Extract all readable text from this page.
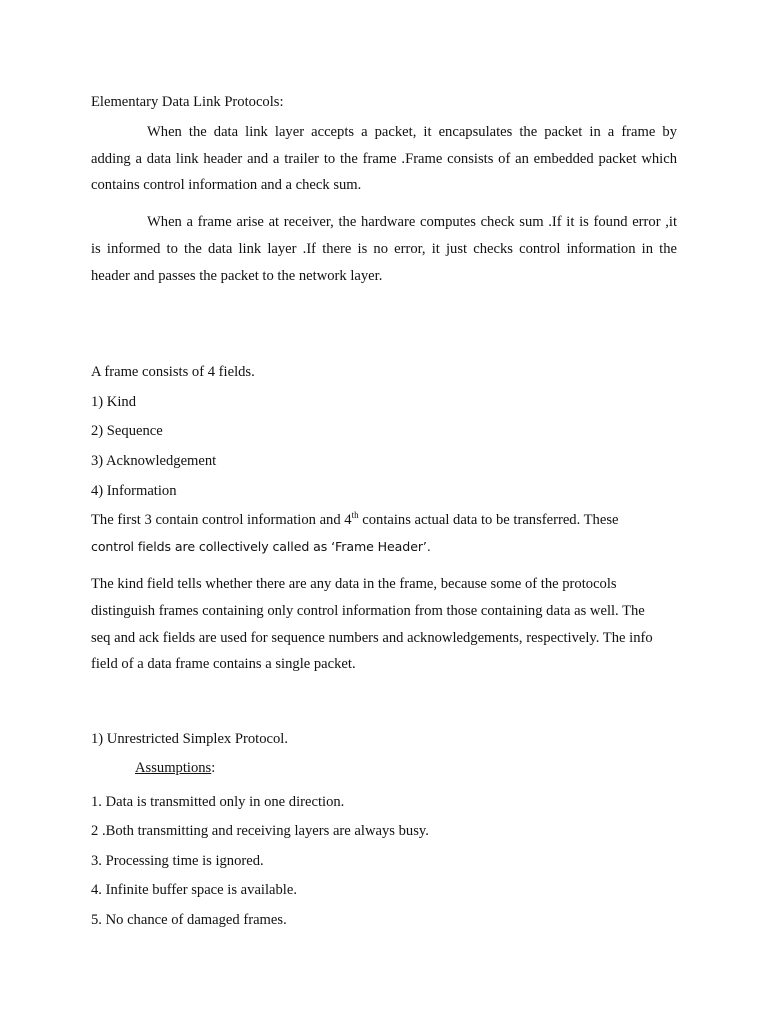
Elementary Data Link Protocols:
When the data link layer accepts a packet, it encapsulates the packet in a frame by
adding a data link header and a trailer to the frame .Frame consists of an embedded packet which
contains control information and a check sum.
When a frame arise at receiver, the hardware computes check sum .If it is found error ,it
is informed to the data link layer .If there is no error, it just checks control information in the
header and passes the packet to the network layer.
A frame consists of 4 fields.
1) Kind
2) Sequence
3) Acknowledgement
4) Information
The first 3 contain control information and 4th contains actual data to be transferred. These
control fields are collectively called as ‘Frame Header’.
The kind field tells whether there are any data in the frame, because some of the protocols
distinguish frames containing only control information from those containing data as well. The
seq and ack fields are used for sequence numbers and acknowledgements, respectively. The info
field of a data frame contains a single packet.
1) Unrestricted Simplex Protocol.
Assumptions:
1. Data is transmitted only in one direction.
2 .Both transmitting and receiving layers are always busy.
3. Processing time is ignored.
4. Infinite buffer space is available.
5. No chance of damaged frames.
